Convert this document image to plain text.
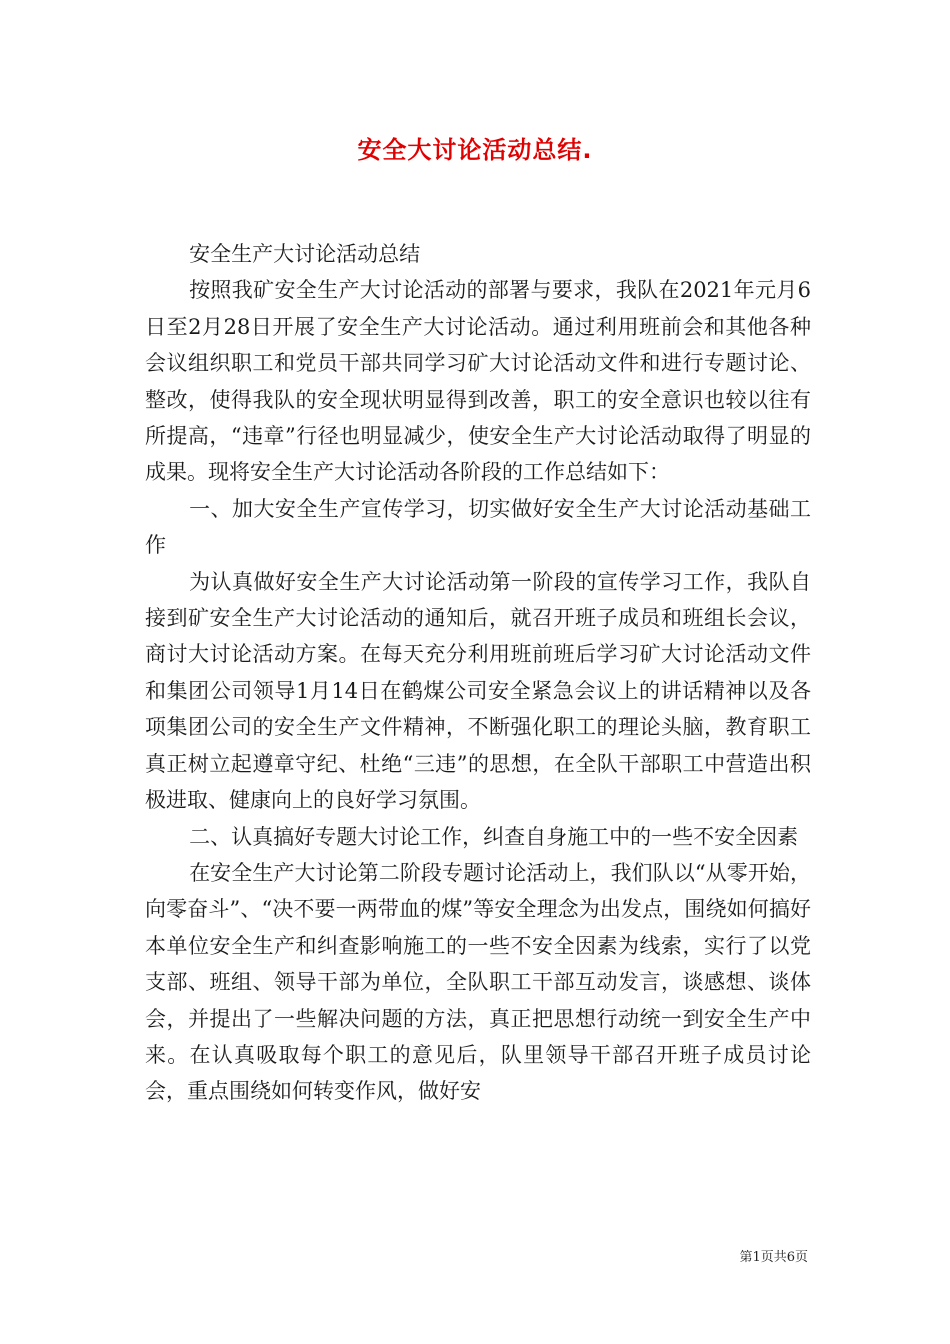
安全大讨论活动总结.

安全生产大讨论活动总结

按照我矿安全生产大讨论活动的部署与要求，我队在2021年元月6日至2月28日开展了安全生产大讨论活动。通过利用班前会和其他各种会议组织职工和党员干部共同学习矿大讨论活动文件和进行专题讨论、整改，使得我队的安全现状明显得到改善，职工的安全意识也较以往有所提高，“违章”行径也明显减少，使安全生产大讨论活动取得了明显的成果。现将安全生产大讨论活动各阶段的工作总结如下：

一、加大安全生产宣传学习，切实做好安全生产大讨论活动基础工作

为认真做好安全生产大讨论活动第一阶段的宣传学习工作，我队自接到矿安全生产大讨论活动的通知后，就召开班子成员和班组长会议，商讨大讨论活动方案。在每天充分利用班前班后学习矿大讨论活动文件和集团公司领导1月14日在鹤煤公司安全紧急会议上的讲话精神以及各项集团公司的安全生产文件精神，不断强化职工的理论头脑，教育职工真正树立起遵章守纪、杜绝“三违”的思想，在全队干部职工中营造出积极进取、健康向上的良好学习氛围。

二、认真搞好专题大讨论工作，纠查自身施工中的一些不安全因素

在安全生产大讨论第二阶段专题讨论活动上，我们队以“从零开始，向零奋斗”、“决不要一两带血的煤”等安全理念为出发点，围绕如何搞好本单位安全生产和纠查影响施工的一些不安全因素为线索，实行了以党支部、班组、领导干部为单位，全队职工干部互动发言，谈感想、谈体会，并提出了一些解决问题的方法，真正把思想行动统一到安全生产中来。在认真吸取每个职工的意见后，队里领导干部召开班子成员讨论会，重点围绕如何转变作风，做好安

第1页共6页
